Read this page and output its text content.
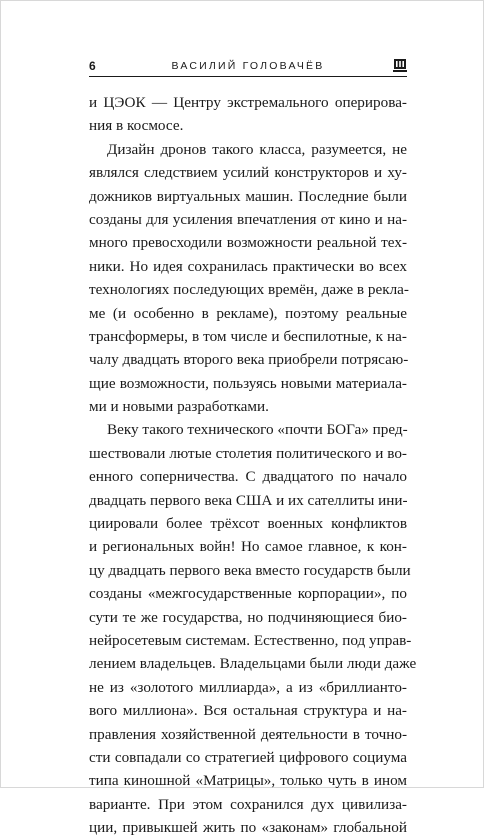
6	ВАСИЛИЙ ГОЛОВАЧЁВ

и ЦЭОК — Центру экстремального оперирова-
ния в космосе.

Дизайн дронов такого класса, разумеется, не
являлся следствием усилий конструкторов и ху-
дожников виртуальных машин. Последние были
созданы для усиления впечатления от кино и на-
много превосходили возможности реальной тех-
ники. Но идея сохранилась практически во всех
технологиях последующих времён, даже в рекла-
ме (и особенно в рекламе), поэтому реальные
трансформеры, в том числе и беспилотные, к на-
чалу двадцать второго века приобрели потрясаю-
щие возможности, пользуясь новыми материала-
ми и новыми разработками.

Веку такого технического «почти БОГа» пред-
шествовали лютые столетия политического и во-
енного соперничества. С двадцатого по начало
двадцать первого века США и их сателлиты ини-
циировали более трёхсот военных конфликтов
и региональных войн! Но самое главное, к кон-
цу двадцать первого века вместо государств были
созданы «межгосударственные корпорации», по
сути те же государства, но подчиняющиеся био-
нейросетевым системам. Естественно, под управ-
лением владельцев. Владельцами были люди даже
не из «золотого миллиарда», а из «бриллианто-
вого миллиона». Вся остальная структура и на-
правления хозяйственной деятельности в точно-
сти совпадали со стратегией цифрового социума
типа киношной «Матрицы», только чуть в ином
варианте. При этом сохранился дух цивилиза-
ции, привыкшей жить по «законам» глобальной
